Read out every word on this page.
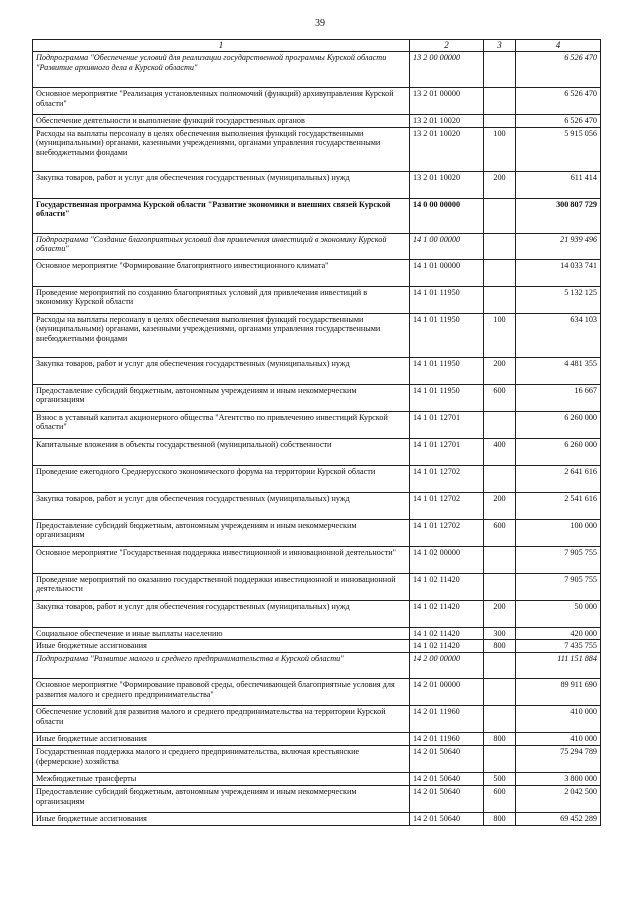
39
1	2	3	4
Подпрограмма "Обеспечение условий для реализации государственной программы Курской области "Развитие архивного дела в Курской области"	13 2 00 00000		6 526 470
Основное мероприятие "Реализация установленных полномочий (функций) архивуправления Курской области"	13 2 01 00000		6 526 470
Обеспечение деятельности и выполнение функций государственных органов	13 2 01 10020		6 526 470
Расходы на выплаты персоналу в целях обеспечения выполнения функций государственными (муниципальными) органами, казенными учреждениями, органами управления государственными внебюджетными фондами	13 2 01 10020	100	5 915 056
Закупка товаров, работ и услуг для обеспечения государственных (муниципальных) нужд	13 2 01 10020	200	611 414
Государственная программа Курской области "Развитие экономики и внешних связей Курской области"	14 0 00 00000		300 807 729
Подпрограмма "Создание благоприятных условий для привлечения инвестиций в экономику Курской области"	14 1 00 00000		21 939 496
Основное мероприятие "Формирование благоприятного инвестиционного климата"	14 1 01 00000		14 033 741
Проведение мероприятий по созданию благоприятных условий для привлечения инвестиций в экономику Курской области	14 1 01 11950		5 132 125
Расходы на выплаты персоналу в целях обеспечения выполнения функций государственными (муниципальными) органами, казенными учреждениями, органами управления государственными внебюджетными фондами	14 1 01 11950	100	634 103
Закупка товаров, работ и услуг для обеспечения государственных (муниципальных) нужд	14 1 01 11950	200	4 481 355
Предоставление субсидий бюджетным, автономным учреждениям и иным некоммерческим организациям	14 1 01 11950	600	16 667
Взнос в уставный капитал акционерного общества "Агентство по привлечению инвестиций Курской области"	14 1 01 12701		6 260 000
Капитальные вложения в объекты государственной (муниципальной) собственности	14 1 01 12701	400	6 260 000
Проведение ежегодного Среднерусского экономического форума на территории Курской области	14 1 01 12702		2 641 616
Закупка товаров, работ и услуг для обеспечения государственных (муниципальных) нужд	14 1 01 12702	200	2 541 616
Предоставление субсидий бюджетным, автономным учреждениям и иным некоммерческим организациям	14 1 01 12702	600	100 000
Основное мероприятие "Государственная поддержка инвестиционной и инновационной деятельности"	14 1 02 00000		7 905 755
Проведение мероприятий по оказанию государственной поддержки инвестиционной и инновационной деятельности	14 1 02 11420		7 905 755
Закупка товаров, работ и услуг для обеспечения государственных (муниципальных) нужд	14 1 02 11420	200	50 000
Социальное обеспечение и иные выплаты населению	14 1 02 11420	300	420 000
Иные бюджетные ассигнования	14 1 02 11420	800	7 435 755
Подпрограмма "Развитие малого и среднего предпринимательства в Курской области"	14 2 00 00000		111 151 884
Основное мероприятие "Формирование правовой среды, обеспечивающей благоприятные условия для развития малого и среднего предпринимательства"	14 2 01 00000		89 911 690
Обеспечение условий для развития малого и среднего предпринимательства на территории Курской области	14 2 01 11960		410 000
Иные бюджетные ассигнования	14 2 01 11960	800	410 000
Государственная поддержка малого и среднего предпринимательства, включая крестьянские (фермерские) хозяйства	14 2 01 50640		75 294 789
Межбюджетные трансферты	14 2 01 50640	500	3 800 000
Предоставление субсидий бюджетным, автономным учреждениям и иным некоммерческим организациям	14 2 01 50640	600	2 042 500
Иные бюджетные ассигнования	14 2 01 50640	800	69 452 289
